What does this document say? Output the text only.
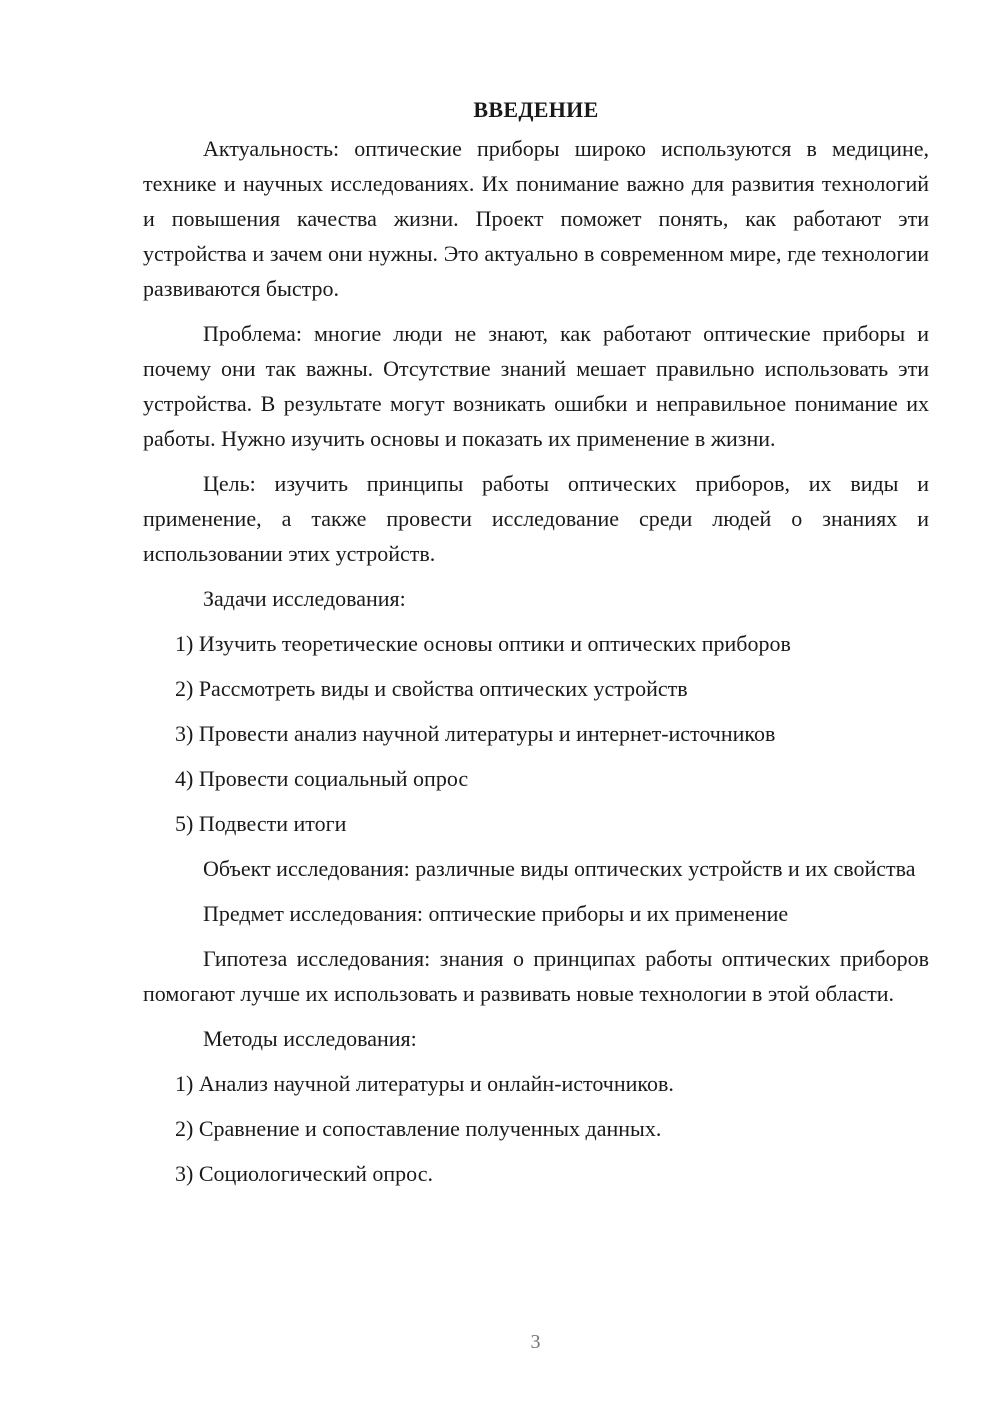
ВВЕДЕНИЕ

Актуальность: оптические приборы широко используются в медицине, технике и научных исследованиях. Их понимание важно для развития технологий и повышения качества жизни. Проект поможет понять, как работают эти устройства и зачем они нужны. Это актуально в современном мире, где технологии развиваются быстро.

Проблема: многие люди не знают, как работают оптические приборы и почему они так важны. Отсутствие знаний мешает правильно использовать эти устройства. В результате могут возникать ошибки и неправильное понимание их работы. Нужно изучить основы и показать их применение в жизни.

Цель: изучить принципы работы оптических приборов, их виды и применение, а также провести исследование среди людей о знаниях и использовании этих устройств.

Задачи исследования:

1) Изучить теоретические основы оптики и оптических приборов
2) Рассмотреть виды и свойства оптических устройств
3) Провести анализ научной литературы и интернет-источников
4) Провести социальный опрос
5) Подвести итоги

Объект исследования: различные виды оптических устройств и их свойства

Предмет исследования: оптические приборы и их применение

Гипотеза исследования: знания о принципах работы оптических приборов помогают лучше их использовать и развивать новые технологии в этой области.

Методы исследования:

1) Анализ научной литературы и онлайн-источников.
2) Сравнение и сопоставление полученных данных.
3) Социологический опрос.
3
